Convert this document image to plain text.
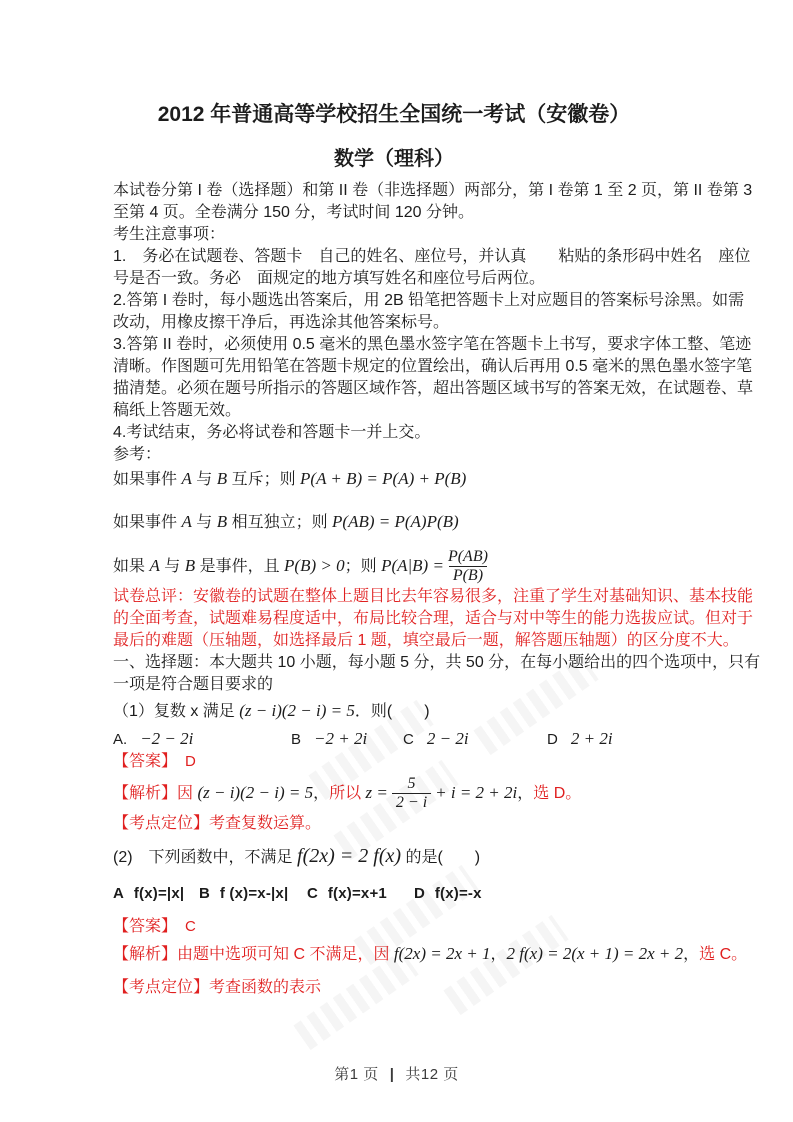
2012 年普通高等学校招生全国统一考试（安徽卷）
数学（理科）
本试卷分第 I 卷（选择题）和第 II 卷（非选择题）两部分，第 I 卷第 1 至 2 页，第 II 卷第 3
至第 4 页。全卷满分 150 分，考试时间 120 分钟。
考生注意事项：
1.　务必在试题卷、答题卡　自己的姓名、座位号，并认真　　粘贴的条形码中姓名　座位
号是否一致。务必　面规定的地方填写姓名和座位号后两位。
2.答第 I 卷时，每小题选出答案后，用 2B 铅笔把答题卡上对应题目的答案标号涂黑。如需
改动，用橡皮擦干净后，再选涂其他答案标号。
3.答第 II 卷时，必须使用 0.5 毫米的黑色墨水签字笔在答题卡上书写，要求字体工整、笔迹
清晰。作图题可先用铅笔在答题卡规定的位置绘出，确认后再用 0.5 毫米的黑色墨水签字笔
描清楚。必须在题号所指示的答题区域作答，超出答题区域书写的答案无效，在试题卷、草
稿纸上答题无效。
4.考试结束，务必将试卷和答题卡一并上交。
参考：
如果事件 A 与 B 互斥；则 P(A + B) = P(A) + P(B)
如果事件 A 与 B 相互独立；则 P(AB) = P(A)P(B)
如果 A 与 B 是事件，且 P(B) > 0；则 $P(A|B) = \frac{P(AB)}{P(B)}$
试卷总评：安徽卷的试题在整体上题目比去年容易很多，注重了学生对基础知识、基本技能
的全面考查，试题难易程度适中，布局比较合理，适合与对中等生的能力选拔应试。但对于
最后的难题（压轴题，如选择最后 1 题，填空最后一题，解答题压轴题）的区分度不大。
一、选择题：本大题共 10 小题，每小题 5 分，共 50 分，在每小题给出的四个选项中，只有
一项是符合题目要求的
（1）复数 x 满足 (z − i)(2 − i) = 5．则(　　)
A. −2 − 2i	B −2 + 2i C 2 − 2i	D 2 + 2i
【答案】 D
【解析】因 (z − i)(2 − i) = 5，所以 $z = \frac{5}{2 - i} + i = 2 + 2i$，选 D。
【考点定位】考查复数运算。
(2)　下列函数中，不满足 f(2x) = 2 f(x) 的是(　　)
A f(x)=|x| B f (x)=x-|x| C f(x)=x+1 D f(x)=-x
【答案】 C
【解析】由题中选项可知 C 不满足，因 f(2x) = 2x + 1，2 f(x) = 2(x + 1) = 2x + 2，选 C。
【考点定位】考查函数的表示
第1 页 | 共12 页
